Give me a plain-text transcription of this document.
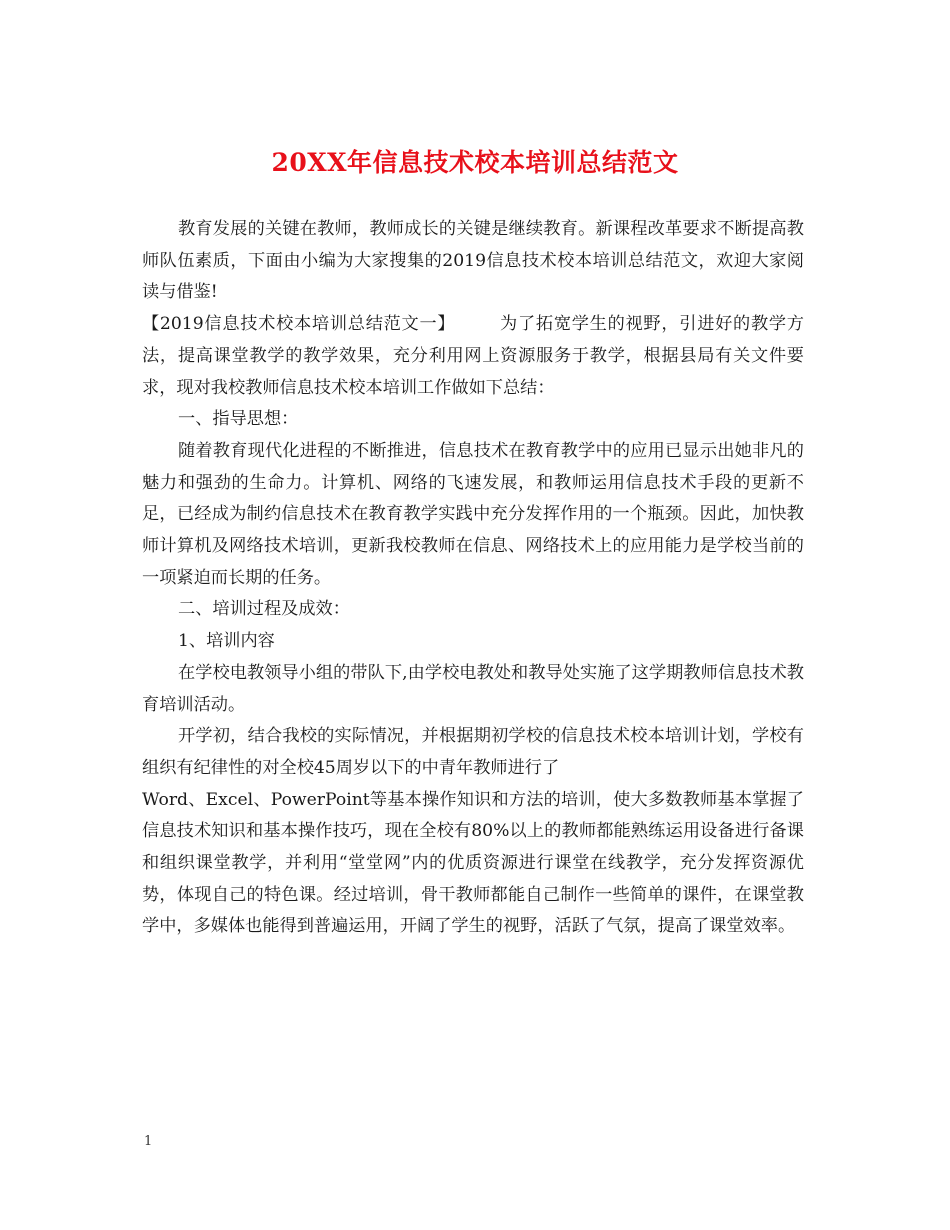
20XX年信息技术校本培训总结范文

教育发展的关键在教师，教师成长的关键是继续教育。新课程改革要求不断提高教师队伍素质，下面由小编为大家搜集的2019信息技术校本培训总结范文，欢迎大家阅读与借鉴!

【2019信息技术校本培训总结范文一】	为了拓宽学生的视野，引进好的教学方法，提高课堂教学的教学效果，充分利用网上资源服务于教学，根据县局有关文件要求，现对我校教师信息技术校本培训工作做如下总结：

一、指导思想：

随着教育现代化进程的不断推进，信息技术在教育教学中的应用已显示出她非凡的魅力和强劲的生命力。计算机、网络的飞速发展，和教师运用信息技术手段的更新不足，已经成为制约信息技术在教育教学实践中充分发挥作用的一个瓶颈。因此，加快教师计算机及网络技术培训，更新我校教师在信息、网络技术上的应用能力是学校当前的一项紧迫而长期的任务。

二、培训过程及成效：

1、培训内容

在学校电教领导小组的带队下,由学校电教处和教导处实施了这学期教师信息技术教育培训活动。

开学初，结合我校的实际情况，并根据期初学校的信息技术校本培训计划，学校有组织有纪律性的对全校45周岁以下的中青年教师进行了

Word、Excel、PowerPoint等基本操作知识和方法的培训，使大多数教师基本掌握了信息技术知识和基本操作技巧，现在全校有80%以上的教师都能熟练运用设备进行备课和组织课堂教学，并利用“堂堂网”内的优质资源进行课堂在线教学，充分发挥资源优势，体现自己的特色课。经过培训，骨干教师都能自己制作一些简单的课件，在课堂教学中，多媒体也能得到普遍运用，开阔了学生的视野，活跃了气氛，提高了课堂效率。

1
